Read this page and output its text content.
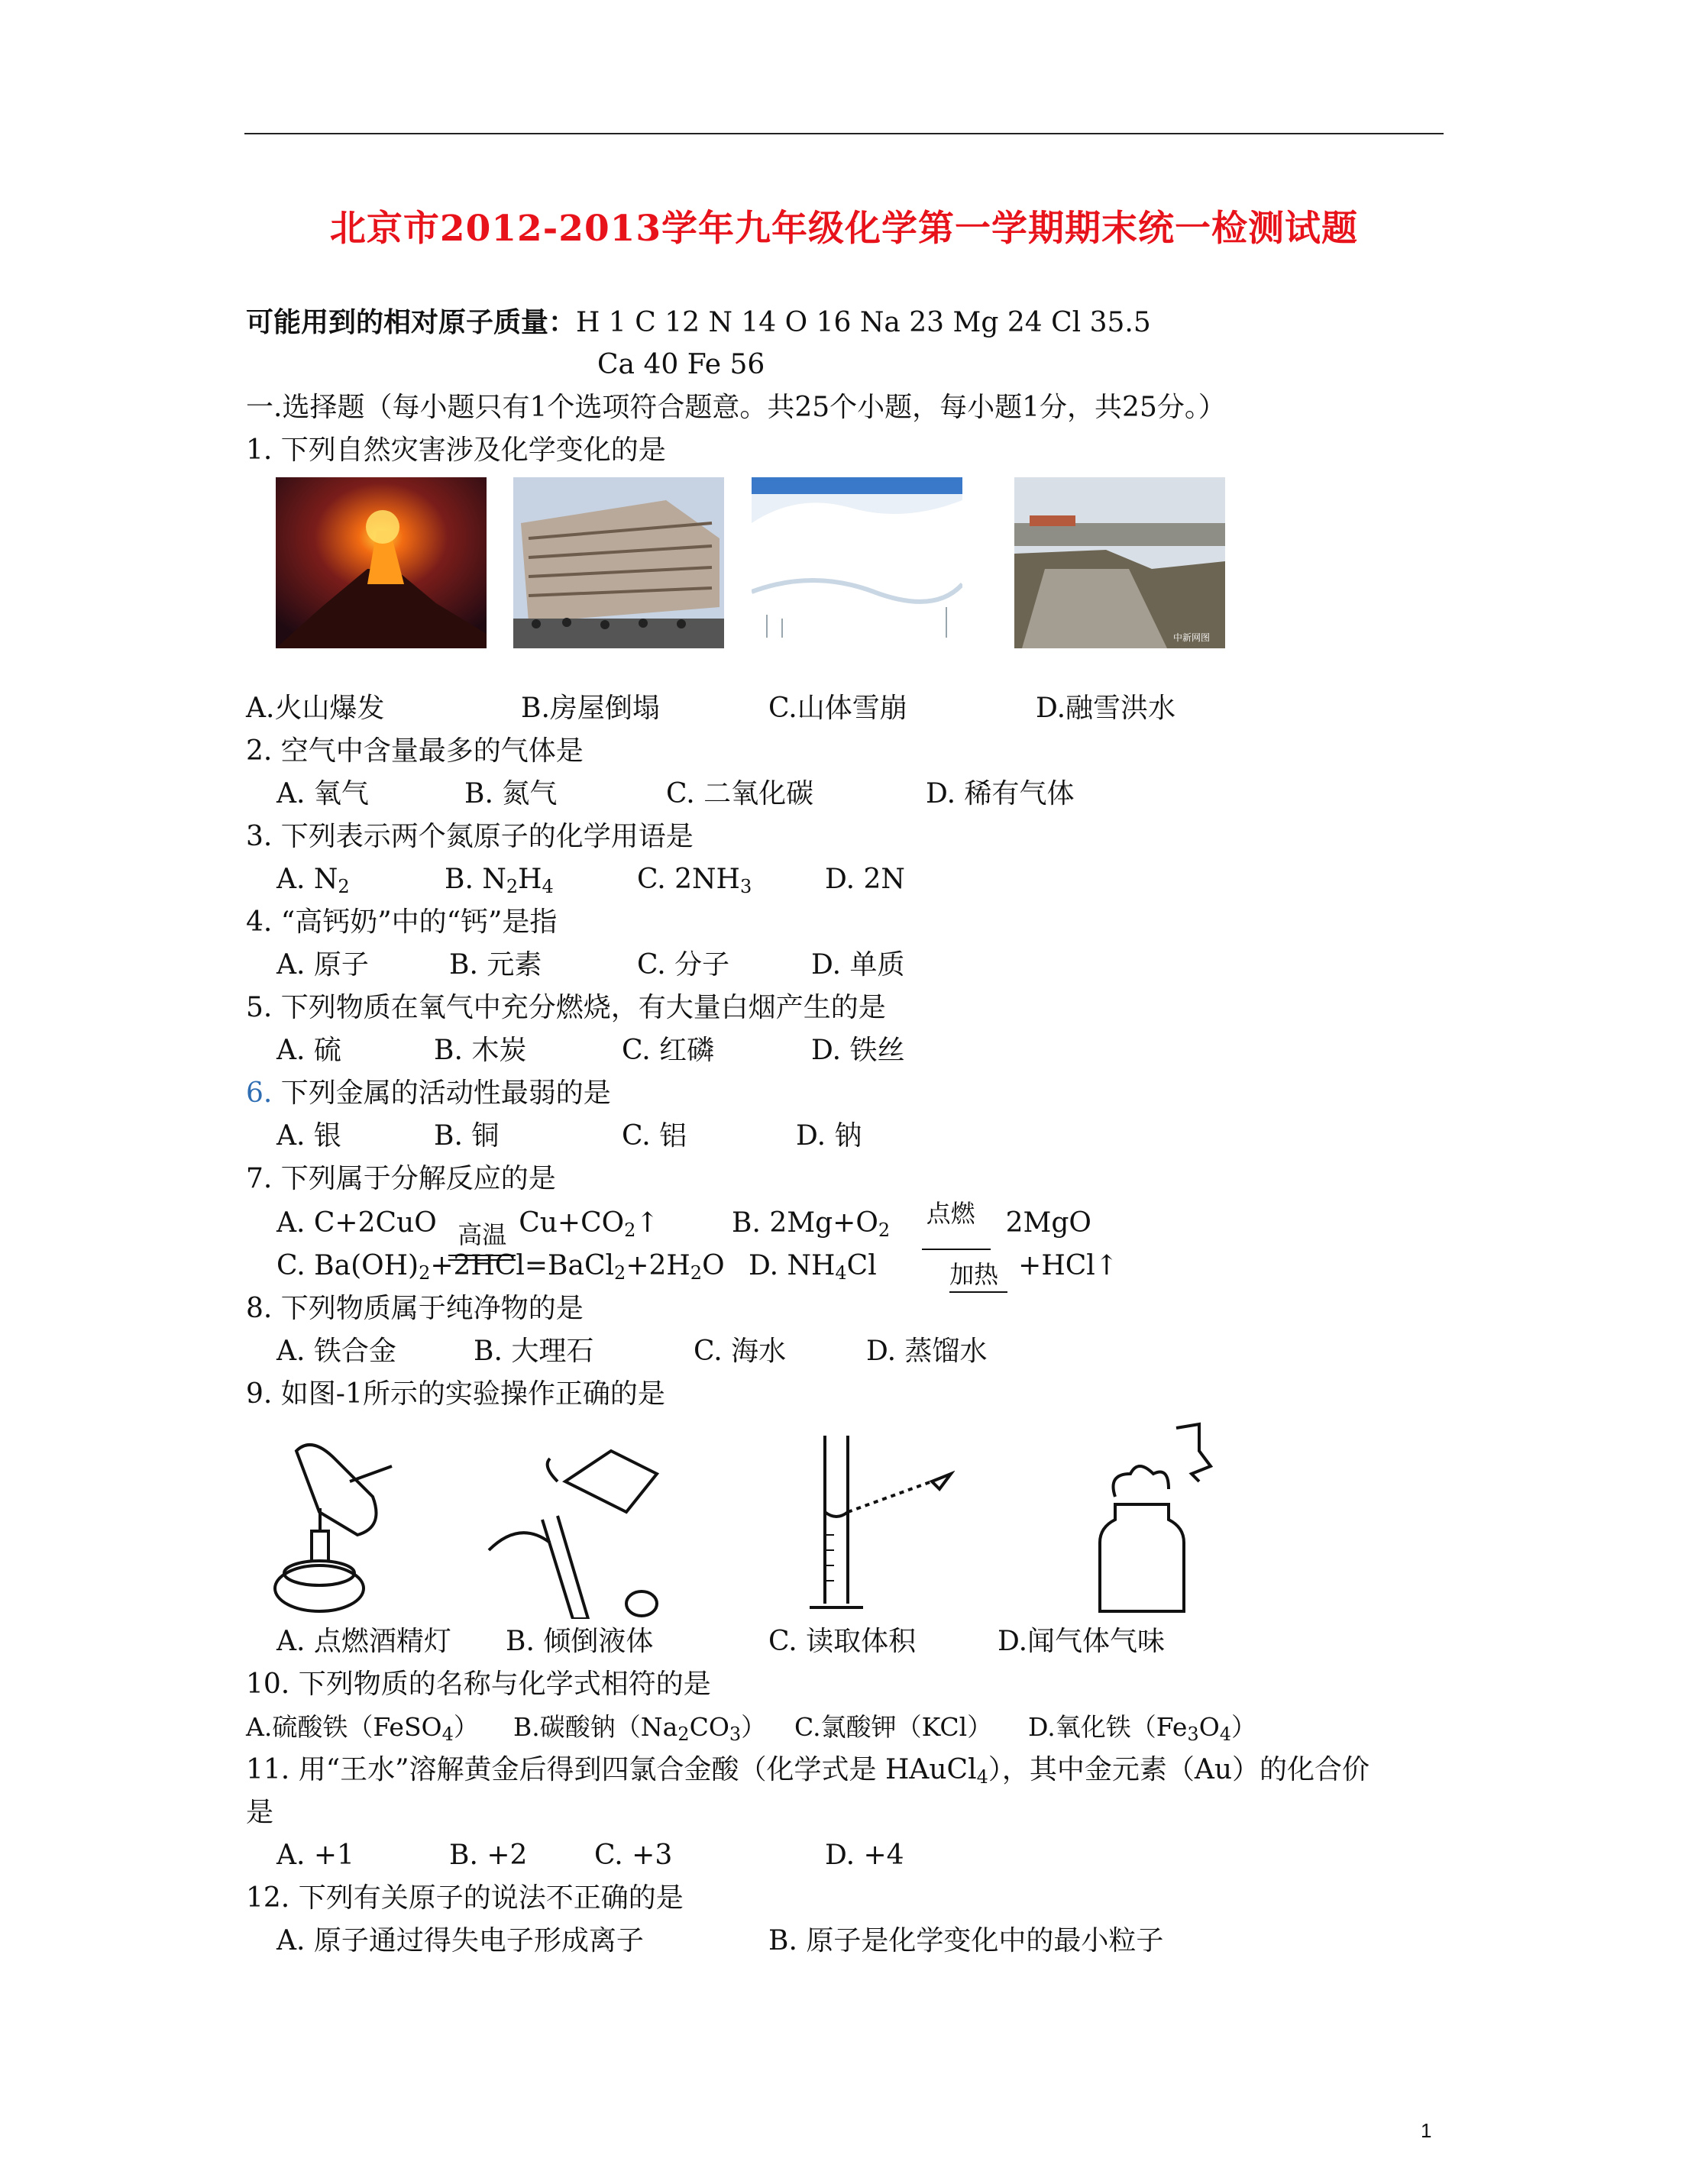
北京市2012-2013学年九年级化学第一学期期末统一检测试题
可能用到的相对原子质量：H 1 C 12 N 14 O 16 Na 23 Mg 24 Cl 35.5
Ca 40 Fe 56
一.选择题（每小题只有1个选项符合题意。共25个小题，每小题1分，共25分。）
1. 下列自然灾害涉及化学变化的是
中新网图
A.火山爆发	B.房屋倒塌	C.山体雪崩	D.融雪洪水
2. 空气中含量最多的气体是
A. 氧气	B. 氮气	C. 二氧化碳	D. 稀有气体
3. 下列表示两个氮原子的化学用语是
A. $N_2$	B. $N_2H_4$	C. $2NH_3$	D. 2N
4. “高钙奶”中的“钙”是指
A. 原子	B. 元素	C. 分子	D. 单质
5. 下列物质在氧气中充分燃烧，有大量白烟产生的是
A. 硫	B. 木炭	C. 红磷	D. 铁丝
6. 下列金属的活动性最弱的是
A. 银	B. 铜	C. 铝	D. 钠
7. 下列属于分解反应的是
A. C+2CuO 高温 $Cu+CO_2↑$	B. $2Mg+O_2$
点燃 2MgO
C. $Ba(OH)_2+2HCl=BaCl_2+2H_2O$ D. $NH_4Cl$	加热 +HCl↑
8. 下列物质属于纯净物的是
A. 铁合金	B. 大理石	C. 海水	D. 蒸馏水
9. 如图-1所示的实验操作正确的是
A. 点燃酒精灯 B. 倾倒液体	C. 读取体积	D.闻气体气味
10. 下列物质的名称与化学式相符的是
A.硫酸铁（FeSO$_4$） B.碳酸钠$(Na_2CO_3)$ C.氯酸钾（KCl） D.氧化铁$(Fe_3O_4)$
11. 用“王水”溶解黄金后得到四氯合金酸（化学式是 HAuCl$_4$），其中金元素（Au）的化合价
是
A. +1	B. +2 C. +3	D. +4
12. 下列有关原子的说法不正确的是
A. 原子通过得失电子形成离子	B. 原子是化学变化中的最小粒子
1
